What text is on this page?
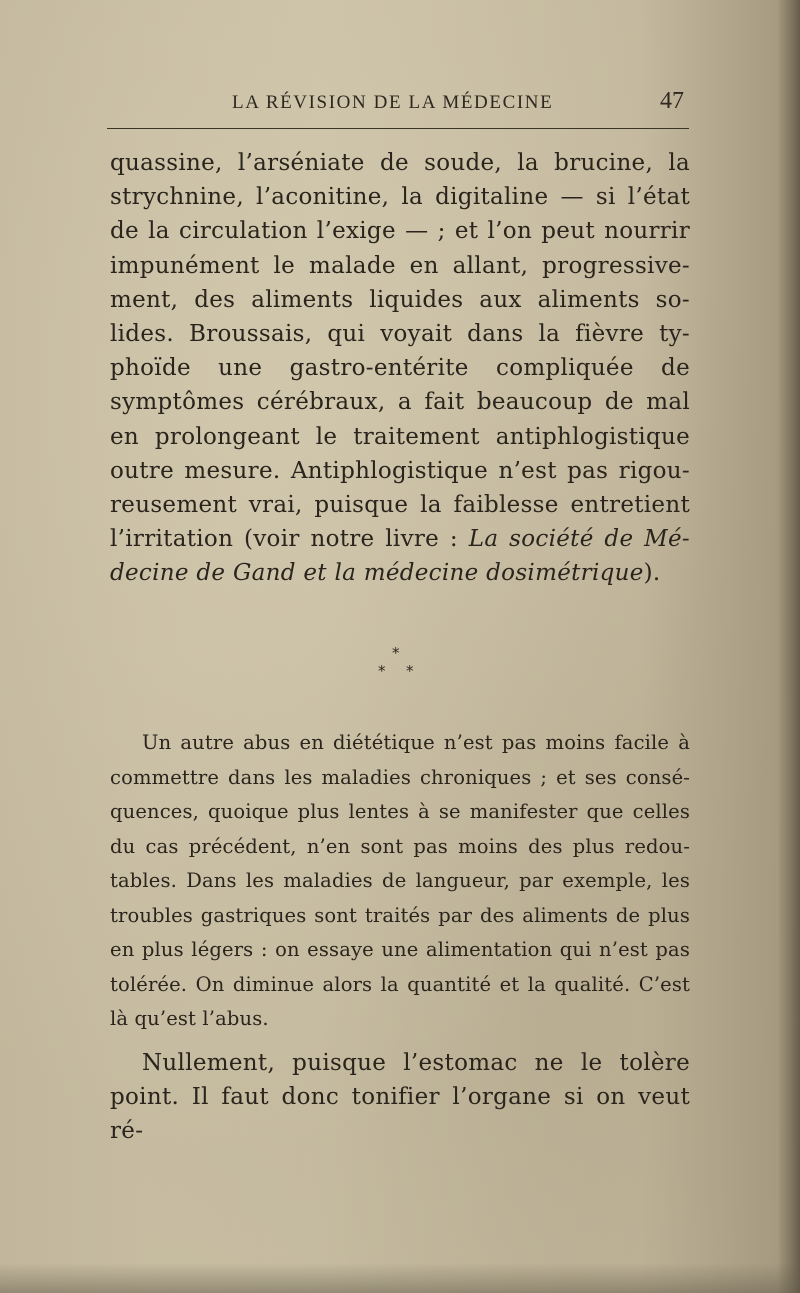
LA RÉVISION DE LA MÉDECINE	47

quassine, l’arséniate de soude, la brucine, la strychnine, l’aconitine, la digitaline — si l’état de la circulation l’exige — ; et l’on peut nourrir impunément le malade en allant, progressive-ment, des aliments liquides aux aliments so-lides. Broussais, qui voyait dans la fièvre ty-phoïde une gastro-entérite compliquée de symptômes cérébraux, a fait beaucoup de mal en prolongeant le traitement antiphlogistique outre mesure. Antiphlogistique n’est pas rigou-reusement vrai, puisque la faiblesse entretient l’irritation (voir notre livre : La société de Mé-decine de Gand et la médecine dosimétrique).

*
* *

Un autre abus en diététique n’est pas moins facile à commettre dans les maladies chroniques ; et ses consé-quences, quoique plus lentes à se manifester que celles du cas précédent, n’en sont pas moins des plus redou-tables. Dans les maladies de langueur, par exemple, les troubles gastriques sont traités par des aliments de plus en plus légers : on essaye une alimentation qui n’est pas tolérée. On diminue alors la quantité et la qualité. C’est là qu’est l’abus.

Nullement, puisque l’estomac ne le tolère point. Il faut donc tonifier l’organe si on veut ré-
